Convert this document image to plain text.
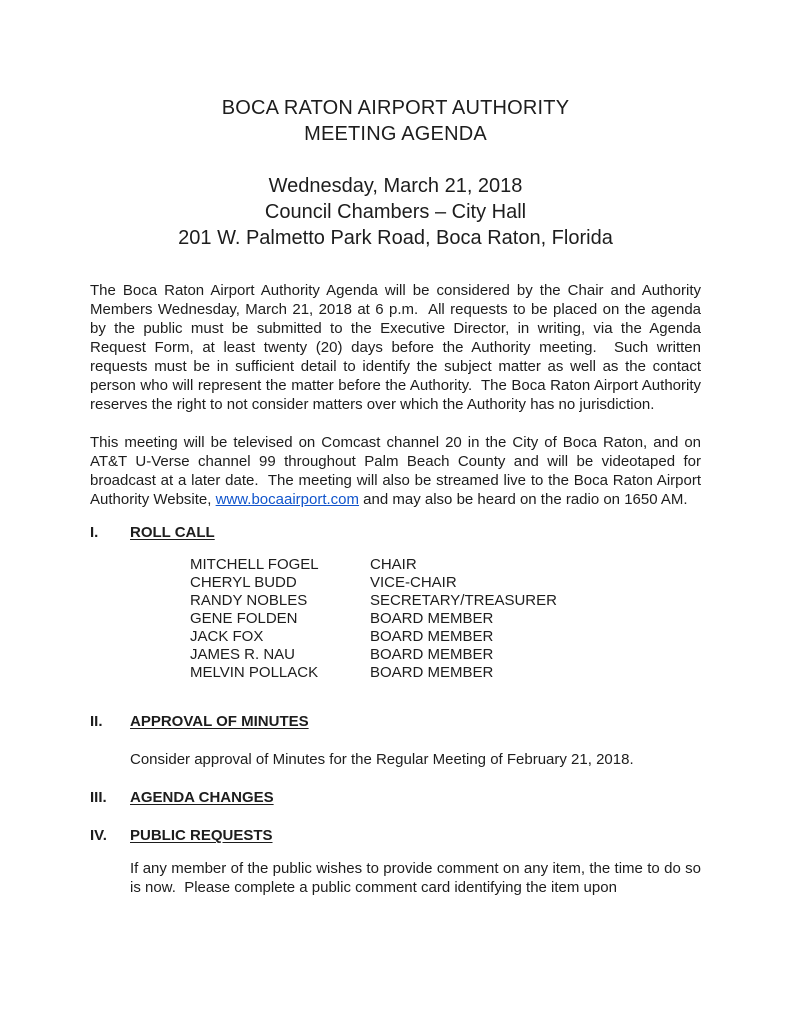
BOCA RATON AIRPORT AUTHORITY
MEETING AGENDA
Wednesday, March 21, 2018
Council Chambers – City Hall
201 W. Palmetto Park Road, Boca Raton, Florida

The Boca Raton Airport Authority Agenda will be considered by the Chair and Authority Members Wednesday, March 21, 2018 at 6 p.m.  All requests to be placed on the agenda by the public must be submitted to the Executive Director, in writing, via the Agenda Request Form, at least twenty (20) days before the Authority meeting.  Such written requests must be in sufficient detail to identify the subject matter as well as the contact person who will represent the matter before the Authority.  The Boca Raton Airport Authority reserves the right to not consider matters over which the Authority has no jurisdiction.

This meeting will be televised on Comcast channel 20 in the City of Boca Raton, and on AT&T U-Verse channel 99 throughout Palm Beach County and will be videotaped for broadcast at a later date.  The meeting will also be streamed live to the Boca Raton Airport Authority Website, www.bocaairport.com and may also be heard on the radio on 1650 AM.

I.	ROLL CALL
MITCHELL FOGEL	CHAIR
CHERYL BUDD	VICE-CHAIR
RANDY NOBLES	SECRETARY/TREASURER
GENE FOLDEN	BOARD MEMBER
JACK FOX	BOARD MEMBER
JAMES R. NAU	BOARD MEMBER
MELVIN POLLACK	BOARD MEMBER
II.	APPROVAL OF MINUTES

Consider approval of Minutes for the Regular Meeting of February 21, 2018.

III.	AGENDA CHANGES
IV.	PUBLIC REQUESTS

If any member of the public wishes to provide comment on any item, the time to do so is now.  Please complete a public comment card identifying the item upon
